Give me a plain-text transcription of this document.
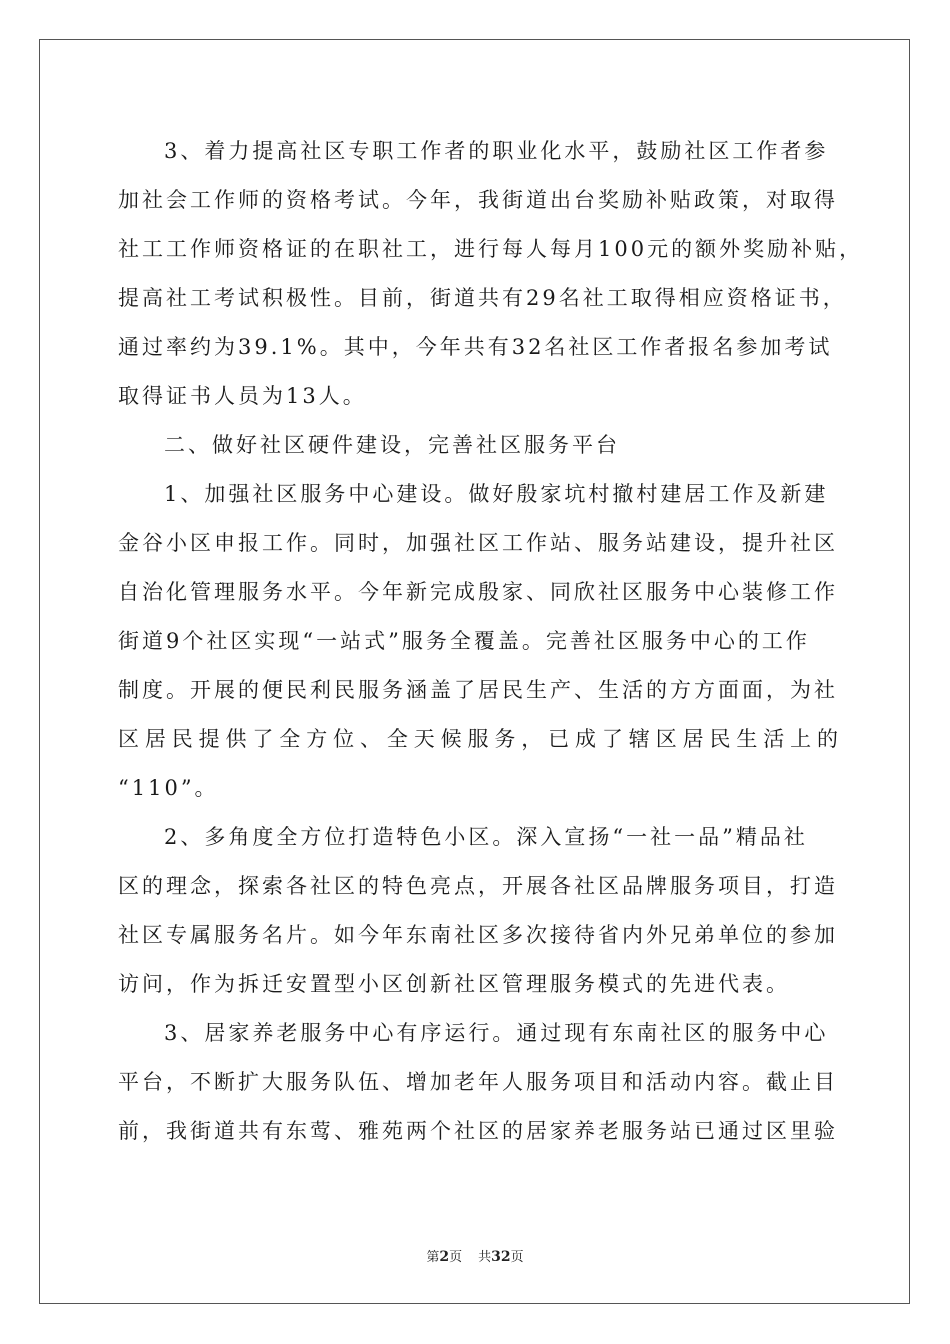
3、着力提高社区专职工作者的职业化水平，鼓励社区工作者参
加社会工作师的资格考试。今年，我街道出台奖励补贴政策，对取得
社工工作师资格证的在职社工，进行每人每月100元的额外奖励补贴，
提高社工考试积极性。目前，街道共有29名社工取得相应资格证书，
通过率约为39.1%。其中，今年共有32名社区工作者报名参加考试
取得证书人员为13人。
二、做好社区硬件建设，完善社区服务平台
1、加强社区服务中心建设。做好殷家坑村撤村建居工作及新建
金谷小区申报工作。同时，加强社区工作站、服务站建设，提升社区
自治化管理服务水平。今年新完成殷家、同欣社区服务中心装修工作
街道9个社区实现“一站式”服务全覆盖。完善社区服务中心的工作
制度。开展的便民利民服务涵盖了居民生产、生活的方方面面，为社
区居民提供了全方位、全天候服务，已成了辖区居民生活上的
“110”。
2、多角度全方位打造特色小区。深入宣扬“一社一品”精品社
区的理念，探索各社区的特色亮点，开展各社区品牌服务项目，打造
社区专属服务名片。如今年东南社区多次接待省内外兄弟单位的参加
访问，作为拆迁安置型小区创新社区管理服务模式的先进代表。
3、居家养老服务中心有序运行。通过现有东南社区的服务中心
平台，不断扩大服务队伍、增加老年人服务项目和活动内容。截止目
前，我街道共有东莺、雅苑两个社区的居家养老服务站已通过区里验
第2页 共32页
